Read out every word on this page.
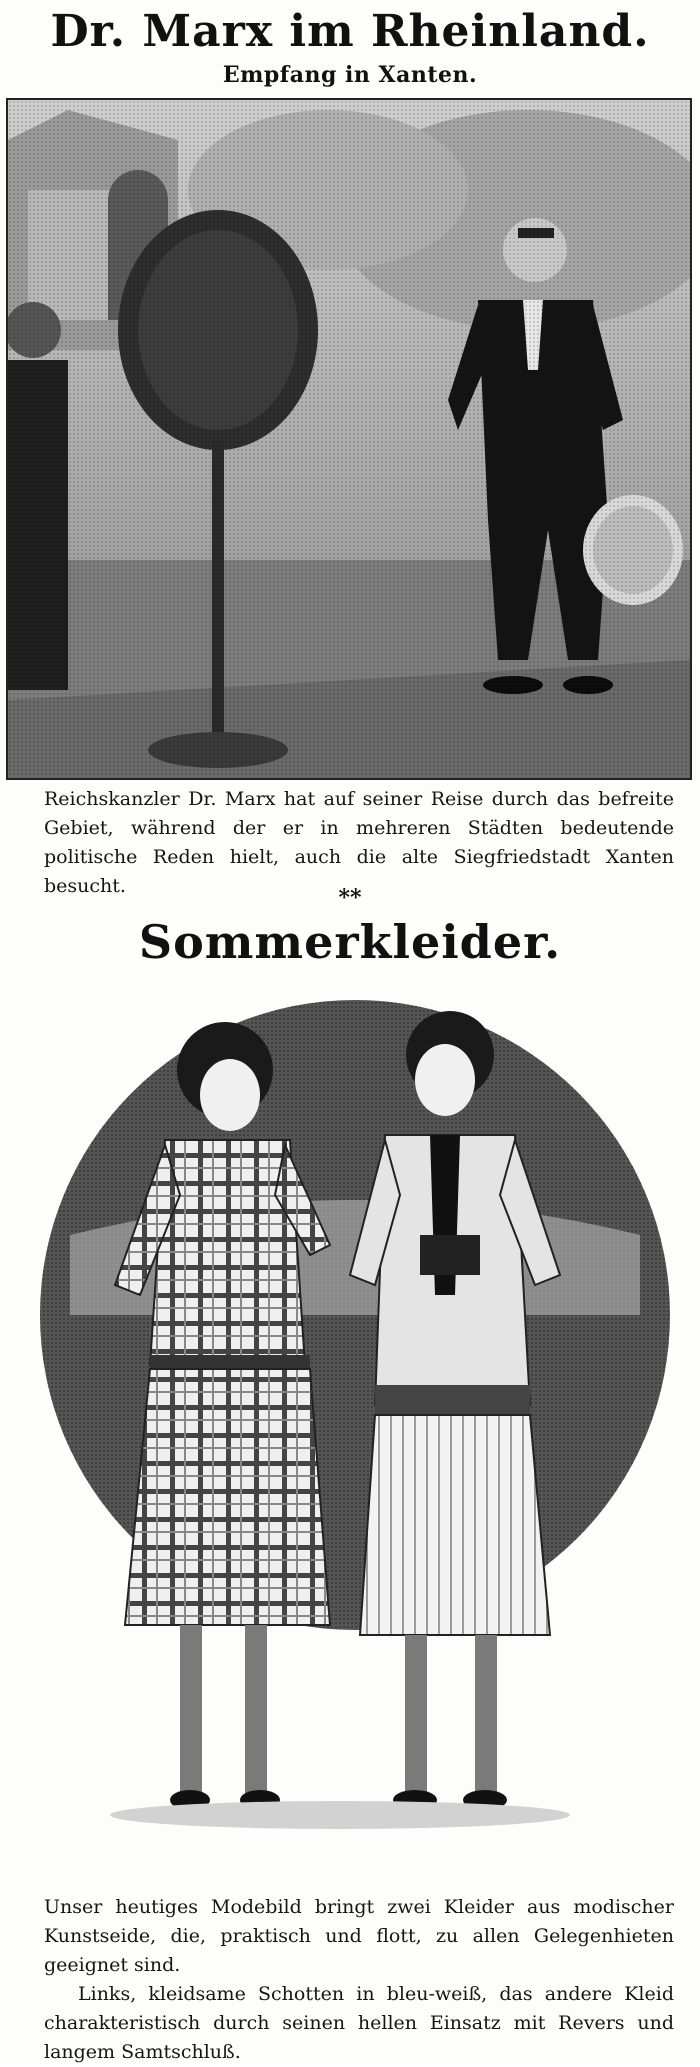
Dr. Marx im Rheinland.
Empfang in Xanten.

Reichskanzler Dr. Marx hat auf seiner Reise durch das befreite Gebiet, während der er in mehreren Städten bedeutende politische Reden hielt, auch die alte Siegfriedstadt Xanten besucht.	**

Sommerkleider.

Unser heutiges Modebild bringt zwei Kleider aus modischer Kunstseide, die, praktisch und flott, zu allen Gelegenhieten geeignet sind.

Links, kleidsame Schotten in bleu-weiß, das andere Kleid charakteristisch durch seinen hellen Einsatz mit Revers und langem Samtschluß.
